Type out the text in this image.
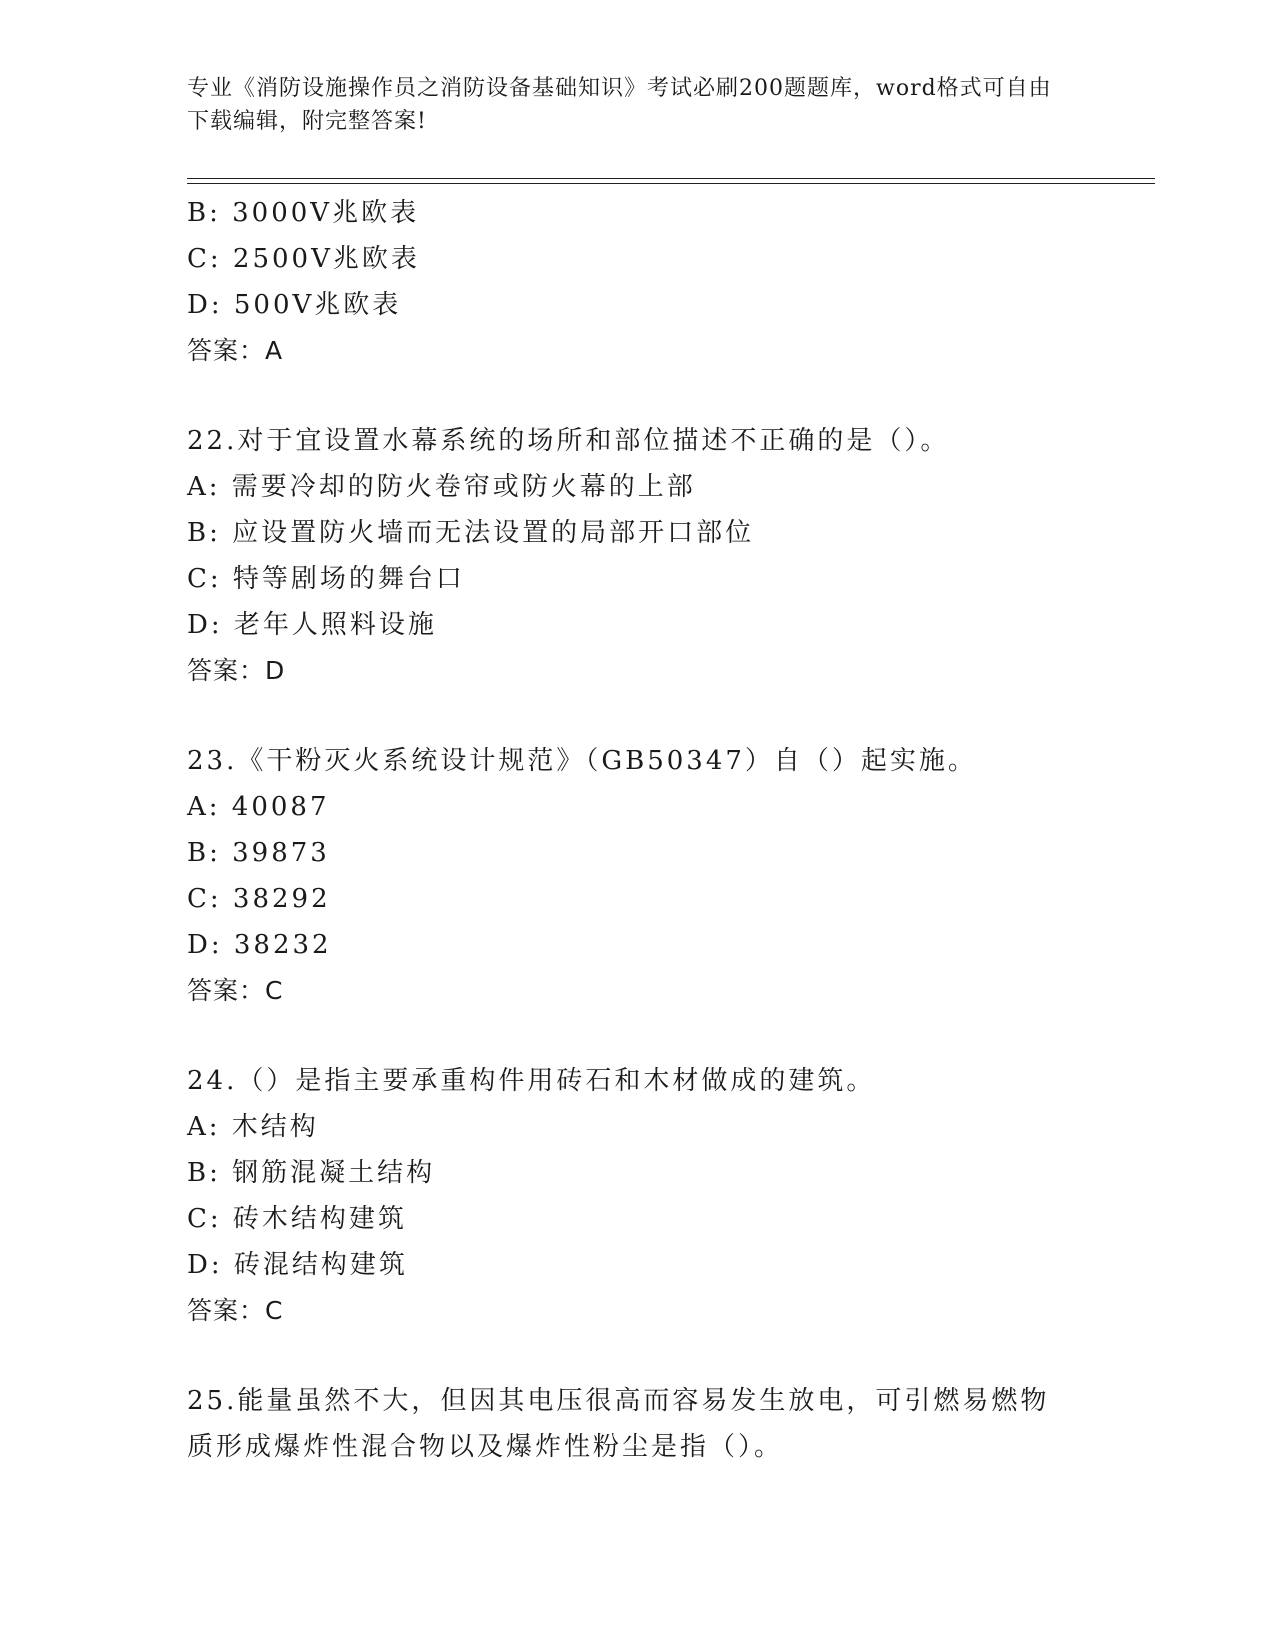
专业《消防设施操作员之消防设备基础知识》考试必刷200题题库，word格式可自由下载编辑，附完整答案!
B: 3000V兆欧表
C: 2500V兆欧表
D: 500V兆欧表
答案：A
22.对于宜设置水幕系统的场所和部位描述不正确的是（）。
A: 需要冷却的防火卷帘或防火幕的上部
B: 应设置防火墙而无法设置的局部开口部位
C: 特等剧场的舞台口
D: 老年人照料设施
答案：D
23.《干粉灭火系统设计规范》（GB50347）自（）起实施。
A: 40087
B: 39873
C: 38292
D: 38232
答案：C
24.（）是指主要承重构件用砖石和木材做成的建筑。
A: 木结构
B: 钢筋混凝土结构
C: 砖木结构建筑
D: 砖混结构建筑
答案：C
25.能量虽然不大，但因其电压很高而容易发生放电，可引燃易燃物质形成爆炸性混合物以及爆炸性粉尘是指（）。
